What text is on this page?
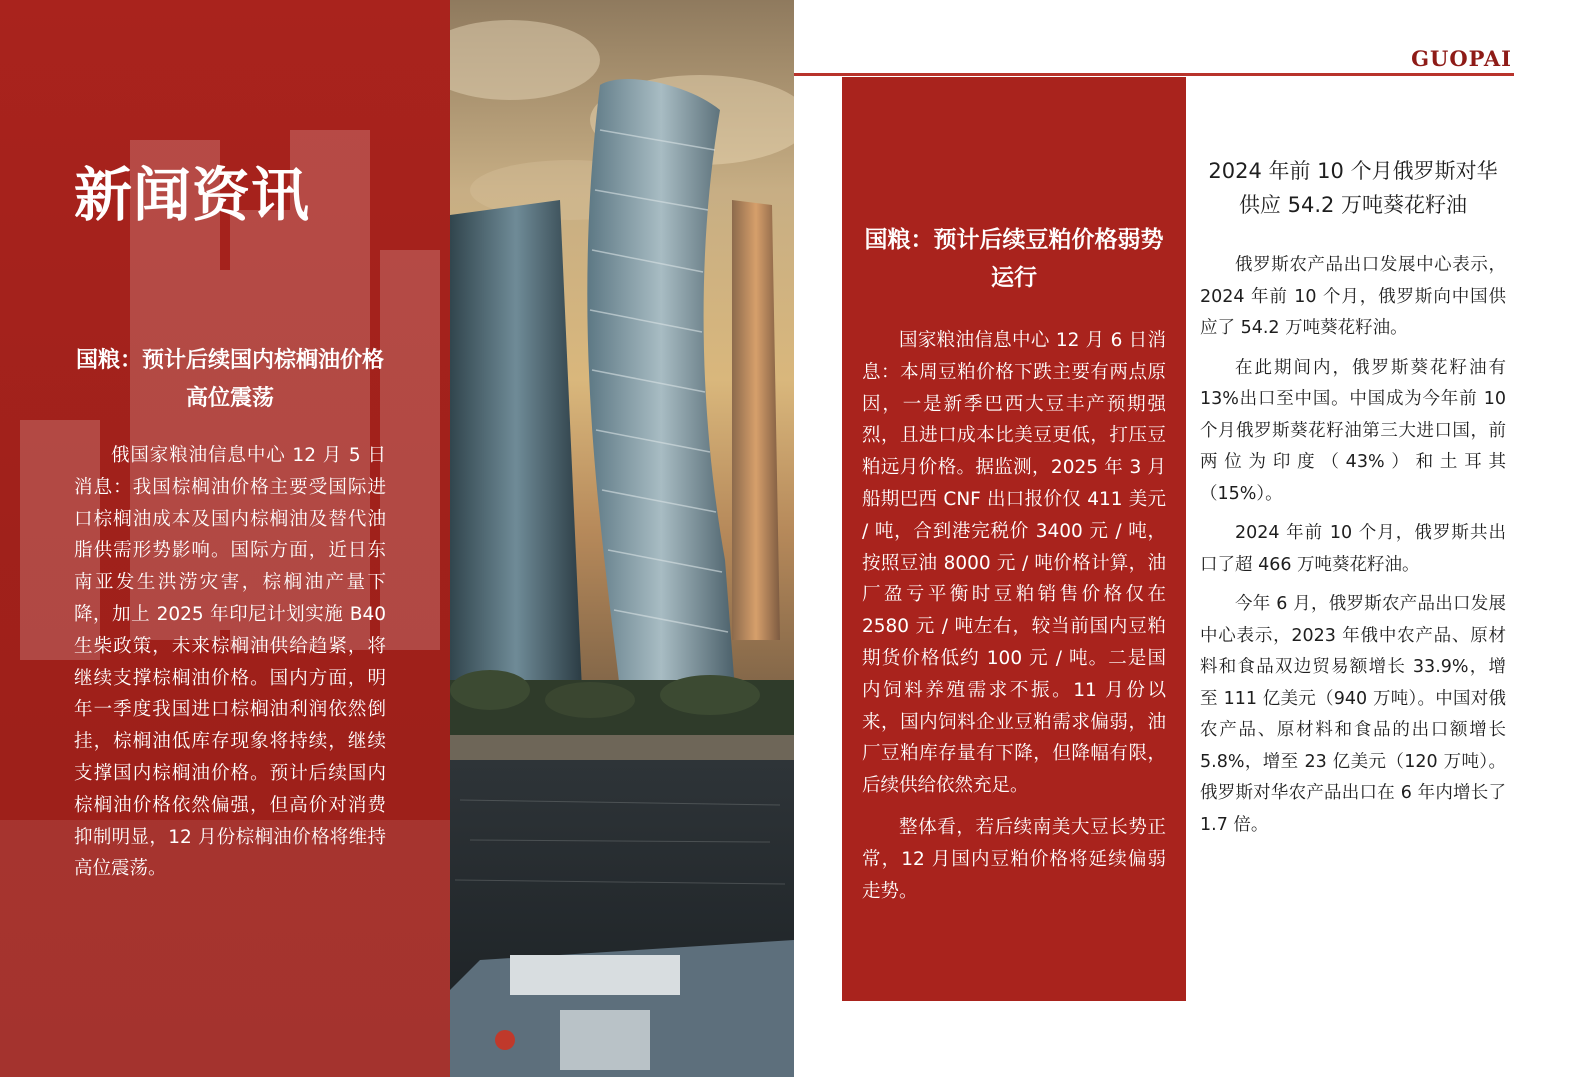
新闻资讯
国粮：预计后续国内棕榈油价格高位震荡

俄国家粮油信息中心 12 月 5 日消息：我国棕榈油价格主要受国际进口棕榈油成本及国内棕榈油及替代油脂供需形势影响。国际方面，近日东南亚发生洪涝灾害，棕榈油产量下降，加上 2025 年印尼计划实施 B40 生柴政策，未来棕榈油供给趋紧，将继续支撑棕榈油价格。国内方面，明年一季度我国进口棕榈油利润依然倒挂，棕榈油低库存现象将持续，继续支撑国内棕榈油价格。预计后续国内棕榈油价格依然偏强，但高价对消费抑制明显，12 月份棕榈油价格将维持高位震荡。

GUOPAI

国粮：预计后续豆粕价格弱势运行

国家粮油信息中心 12 月 6 日消息：本周豆粕价格下跌主要有两点原因，一是新季巴西大豆丰产预期强烈，且进口成本比美豆更低，打压豆粕远月价格。据监测，2025 年 3 月船期巴西 CNF 出口报价仅 411 美元 / 吨，合到港完税价 3400 元 / 吨，按照豆油 8000 元 / 吨价格计算，油厂盈亏平衡时豆粕销售价格仅在 2580 元 / 吨左右，较当前国内豆粕期货价格低约 100 元 / 吨。二是国内饲料养殖需求不振。11 月份以来，国内饲料企业豆粕需求偏弱，油厂豆粕库存量有下降，但降幅有限，后续供给依然充足。

整体看，若后续南美大豆长势正常，12 月国内豆粕价格将延续偏弱走势。

2024 年前 10 个月俄罗斯对华供应 54.2 万吨葵花籽油

俄罗斯农产品出口发展中心表示，2024 年前 10 个月，俄罗斯向中国供应了 54.2 万吨葵花籽油。

在此期间内，俄罗斯葵花籽油有 13%出口至中国。中国成为今年前 10 个月俄罗斯葵花籽油第三大进口国，前两位为印度（43%）和土耳其（15%）。

2024 年前 10 个月，俄罗斯共出口了超 466 万吨葵花籽油。

今年 6 月，俄罗斯农产品出口发展中心表示，2023 年俄中农产品、原材料和食品双边贸易额增长 33.9%，增至 111 亿美元（940 万吨）。中国对俄农产品、原材料和食品的出口额增长 5.8%，增至 23 亿美元（120 万吨）。 俄罗斯对华农产品出口在 6 年内增长了 1.7 倍。
